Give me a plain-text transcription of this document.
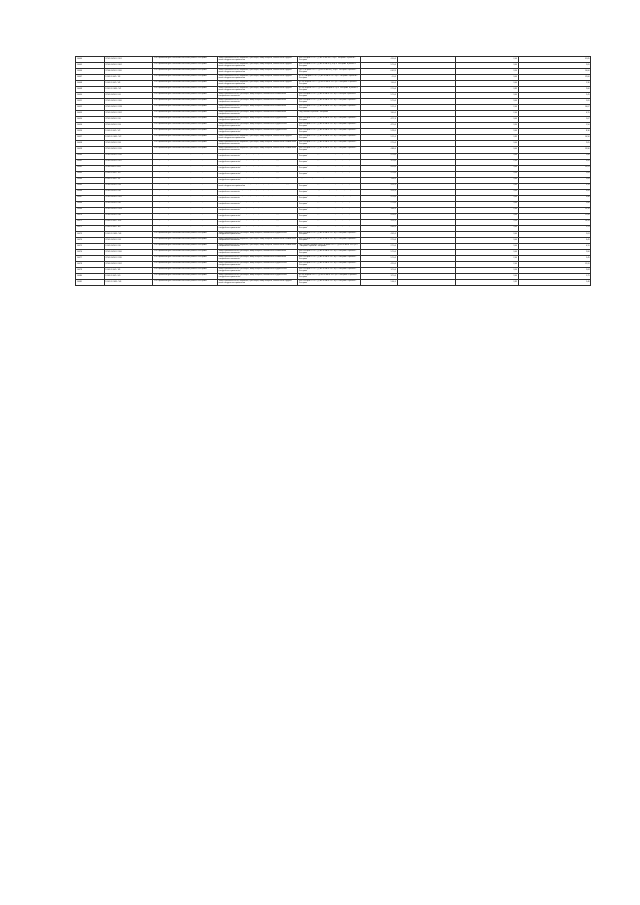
10044	27/02 01/1/01 / 2/01	«Об Управлении для Рязанской/Рязанской и районы г.Кострома»	Замер промышленности, аварийных, транспорта, замер обороны, безопасности и дороги иного спецдельного применения	804 и кб фаза 1 КТП / (1) БЗ 10 кБ ЛКП, к ЦРП "Кострома" и работы г. Кострома	4 50,4		2,00	51,85
10045	27/05 01/1/01 / 3/02	«Об Управлении для Рязанской/Рязанской и районы г.Кострома»	Замер промышленности, аварийных, транспорта, замер обороны, безопасности и дороги иного спецдельного применения	804 и кб фаза 1 КТП / (1) БЗ-10 кВ Ж/1), к ЦРП "Кострома" и работы г. Кострома	5 70,4		3,00	2,65
10046	27/06 01/1/01 / 2/00	«Об Управлении для Рязанской/Рязанской и районы г.Кострома»	Замер промышленности, аварийных, транспорта, замер обороны, безопасности и дороги иного спецдельного применения	ЦРП и кб фаза 1 КТП / (1) БЗ-10 кВ Ж/1), к ЦРП "Росстрой" и работы г. Кострома	0 42,8		3,50	10,60
10047	1/105 01 /0/1 / 2/4	«Об Управлении для Рязанской/Рязанской и районы г.Кострома»	Замер промышленности, аварийных, транспорта, замер обороны, безопасности и дороги иного спецдельного применения	ВО 0,4 кВ фаза 1 КТП / (1) БЗ-10 кВ № 1-0 / ЦРП "Кострома" и работы г. Кострома	4 0,4		3,00	12,60
10048	1/105 01 /0/1 / 5/4	«Об Управлении для Рязанской/Рязанской и районы г.Кострома»	Замер промышленности, аварийных, транспорта, замер обороны, безопасности и дороги иного спецдельного применения	БЗ 0,4 кВ фаза 1 КТП / (1) БЗ-10 кВ № 1-0 / ЦРП "Кострома" и работы г. Кострома	1 00,4		3,40	1,36
10049	1/101 01 /1/01 / 5/1	«Об Управлении для Рязанской/Рязанской и районы г.Кострома»	Замер промышленности, аварийных, транспорта, замер обороны, безопасности и дороги иного спецдельного применения	БЗ 0,4 кВ фаза 1 КТП / (1) БЗ-10 кВ фаза 4 / ЦРП "Кострома" и работы г. Кострома	2 70,4		3,95	2,66
10050	27/02 01/1/01 / 0/1	«Об Управлении для Рязанской/Рязанской и районы г.Кострома»	Замер промышленности, транспорта, замер обороны, безопасности и земли иного специального назначения	804 и кб фаза 1 КТП / (1) БЗ-10 кВ № 1-0 / ЦРП "Росстрой" и работы г. Кострома	5 70,4		3,00	2,45
10051	27/02 01/1/01 / 2/00	«Об Управлении для Рязанской/Рязанской и районы г.Кострома»	Замер промышленности, транспорта, замер обороны, безопасности и земли иного специального назначения	804 и кб фаза 1 КТП / (1) БЗ-10 кВ № 1-0 / ЦРП "Кострома" и работы г. Кострома	5 70,4		3,00	1,65
10052	27/02 01/1/01 / 2/28	«Об Управлении для Рязанской/Рязанской и районы г.Кострома»	Замер промышленности, транспорта, замер обороны, безопасности и земли иного специального назначения	804 и кб фаза 1 КТП / (1) БЗ-10 кВ № 1-0 / ЦРП "Кострома" и работы г. Кострома	5 15,4		2,00	14,67
10053	27/02 01/1/01 / 2/02	«Об Управлении для Рязанской/Рязанской и районы г.Кострома»	Замер промышленности, транспорта, замер обороны, безопасности и земли иного специального назначения	Под «Контек» и работы г. Кострома	3 40,4		2,00	0,15
10054	27/02 01/1/01 / 2/0	«Об Управлении для Рязанской/Рязанской и районы г.Кострома»	Замер промышленности, транспорта, замер обороны, безопасности и дороги иного спецдельного применения	804 и кб фаза 1 КТП / (1) БЗ-10 кВ № 1-0 / ЦРП "Кострома" и работы г. Кострома	4 77,4		3,00	1,67
10056	27/05 01/1/01 / 2/4	«Об Управлении для Рязанской/Рязанской и районы г.Кострома»	Замер промышленности, транспорта, замер обороны, безопасности и дороги иного спецдельного применения	804 и кб фаза 1 КТП / (1) БЗ-10 кВ № 1-0 / ЦРП "Кострома" и работы г. Кострома	4 70,4		3,50	1,50
10056	1/105 01 /0/1 / 5/2	«Об Управлении для Рязанской/Рязанской и районы г.Кострома»	Замер промышленности, транспорта, замер обороны, безопасности и дороги иного спецдельного применения	804 и кб фаза 1 КТП / (1) БЗ-10 кВ № 1-0 / ЦРП "Кострома" и работы г. Кострома	5 28,4		3,40	8,36
10057	1/102 01 /1/01 / 5/2	«Об Управлении для Рязанской/Рязанской и районы г.Кострома»	Замер промышленности, аварийных, транспорта, замер обороны, безопасности и дороги иного спецдельного применения	804 и кб фаза 1 КТП / (1) БЗ-10 кВ № 1-0 / ЦРП "Кострома" и работы г. Кострома	5 15,4		3,95	14,56
10058	27/02 01/1/01 / 3/4	«Об Управлении для Рязанской/Рязанской и районы г.Кострома»	Замер промышленности, аварийных, транспорта, замер обороны, безопасности и земли иного специального назначения	804 и кб фаза 1 КТП / (1) БЗ-10 кВ № 1-0 / ЦРП "Кострома" и работы г. Кострома	2 70,4		3,00	2,65
10059	27/02 01/1/01 / 2/20	«Об Управлении для Рязанской/Рязанской и районы г.Кострома»	Замер промышленности, аварийных, транспорта, замер обороны, безопасности и земли иного специального назначения	804 и кб фаза 1 КТП / (1) БЗ-10 кВ № 1-0 / ЦРП "Кострома" и работы г. Кострома	4 88,4		3,00	13,90
10060	27/02 01/1/01 / 2/20	«Об Управлении для Рязанской/Рязанской и районы г.Кострома»	Замер промышленности, транспорта, замер обороны, безопасности и земли иного специального назначения	804 и кб фаза 1 КТП / (1) БЗ-10 кВ № 1-0 / ЦРП "Кострома" и работы г. Кострома	5 70,4		3,00	2,66
10061	27/02 01/1/01 / 2/07	«Об Управлении для Рязанской/Рязанской и районы г.Кострома»	Замер промышленности, транспорта, замер обороны, безопасности и дороги иного спецдельного применения	804 и кб фаза 1 КТП / (1) БЗ-10 кВ № 1-0 / ЦРП "Кострома" и работы г. Кострома	3 70,4		2,00	3,45
10062	27/05 01/0/1 / 2/02	«Об Управлении для Рязанской/Рязанской и районы г.Кострома»	Замер промышленности, транспорта, замер обороны, безопасности и дороги иного спецдельного применения	804 и кб фаза 1 КТП / (1) БЗ-10 кВ № 1-0 / ЦРП "Кострома" и работы г. Кострома	4 20,4		3,00	15,25
10063	1/105 01 /0/1 / 2/0	«Об Управлении для Рязанской/Рязанской и районы г.Кострома»	Замер промышленности, транспорта, замер обороны, безопасности и дороги иного спецдельного применения	804 и кб фаза 1 КТП / (1) БЗ-10 кВ № 1-0 / ЦРП "Кострома" и работы г. Кострома	5 70,4		3,50	2,69
10064	1/105 01 /0/1 / 2/4	«Об Управлении для Рязанской/Рязанской и районы г.Кострома»	Замер промышленности, транспорта, замер обороны, безопасности и дороги иного спецдельного применения	Под «Контек» и работы г. Кострома	1 08,4		3,40	2,69
10065	27/05 01/1/01 / 5/4	«Об Управлении для Рязанской/Рязанской и районы г.Кострома»	Замер промышленности, аварийных, транспорта, замер обороны, безопасности и дороги иного спецдельного применения	804 и кб фаза 1 КТП / (1) БЗ-10 кВ № 1-0 / ЦРП "Кострома" и работы г. Кострома	5 11,4		3,95	5,35
10066	27/02 01/1/01 / 3/0	«Об Управлении для Рязанской/Рязанской и районы г.Кострома»	Замер промышленности, аварийных, транспорта, замер обороны, безопасности и земли иного специального назначения	БЗ 0,4 кВ фаза 1 КТП / (1) БЗ-10 кВ фаза 4 / ЦРП "Кострома" и работы г. Кострома	5 11,4		3,00	3,45
10067	27/02 01/1/01 / 2/02	«Об Управлении для Рязанской/Рязанской и районы г.Кострома»	Замер промышленности, аварийных, транспорта, замер обороны, безопасности и земли иного специального назначения	БЗ 0,4 кВ фаза 1 КТП / (1) БЗ-10 кВ № 1-0 / ЦРП "Кострома" и работы г. Кострома	5 70,4		3,00	3,46
10068	27/02 01/1/01 / 3/0	«Об Управлении для Рязанской/Рязанской и районы г.Кострома»	Замер промышленности, транспорта, замер обороны, безопасности и земли иного специального назначения	804 и кб фаза 1 КТП / (1) БЗ-10 кВ № 1-0 / ЦРП "Кострома" и работы г. Кострома	2 70,4		3,00	2,66
10069	27/02 01/1/01 / 2/04	«Об Управлении для Рязанской/Рязанской и районы г.Кострома»	Замер промышленности, транспорта, замер обороны, безопасности и земли иного специального назначения	804 и кб фаза 1 КТП / (1) БЗ-10 кВ № 1-0 / ЦРП "Кострома" и работы г. Кострома	3 44,4		2,00	15,10
10070	27/05 01/1/01 / 3/0	«Об Управлении для Рязанской/Рязанской и районы г.Кострома»	Замер промышленности, транспорта, замер обороны, безопасности и дороги иного спецдельного применения	804 и кб фаза 1 КТП / (1) БЗ-10 кВ № 1-0 / ЦРП "Кострома" и работы г. Кострома	4 18,4		3,00	11,00
10071	1/105 01 /0/1 / 2/02	«Об Управлении для Рязанской/Рязанской и районы г.Кострома»	Замер промышленности, транспорта, замер обороны, безопасности и дороги иного спецдельного применения	804 и кб фаза 1 КТП / (1) БЗ-10 кВ № 1-0 / ЦРП "Кострома" и работы г. Кострома	5 11,4		3,50	14,59
10072	1/105 01 /0/1 / 3/0	«Об Управлении для Рязанской/Рязанской и районы г.Кострома»	Замер промышленности, транспорта, замер обороны, безопасности и дороги иного спецдельного применения	804 и кб фаза 1 КТП / (1) БЗ-10 кВ № 1-0 / ЦРП "Кострома" и работы г. Кострома	4 46,4		3,40	2,79
10073	1/101 01 /1/01 / 5/4	«Об Управлении для Рязанской/Рязанской и районы г.Кострома»	Замер промышленности, транспорта, замер обороны, безопасности и дороги иного спецдельного применения	804 и кб фаза 1 КТП / (1) БЗ-10 кВ № 1-0 / ЦРП "Кострома" и работы г. Кострома	4 05,4		3,40	2,63
10074	27/02 01/1/01 / 3/4	«Об Управлении для Рязанской/Рязанской и районы г.Кострома»	Замер промышленности, аварийных, транспорта, замер обороны, безопасности и земли иного специального назначения	804 и кб фаза 1 КТП / (1) БЗ-10 кВ № 1-0 / ЦРП "Кострома" и работы г. Кострома	2 70,4		3,00	3,45
10075	1/102 01/1/01 / 2/0	«Об Управлении для Рязанской/Рязанской и районы г.Кострома»	Замер промышленности, аварийных, транспорта, замер обороны, безопасности и земли иного специального назначения	Под «Контек» вычиска / 804 и кб фаза 1 КТП / (1) БЗ-10 кВ № 1-0 / ЦРП "Кострома" и работы г. Кострома	2 70,4		3,00	0,15
10076	27/02 01/1/01 / 2/00	«Об Управлении для Рязанской/Рязанской и районы г.Кострома»	Замер промышленности, транспорта, замер обороны, безопасности и земли иного специального назначения	804 и кб фаза 1 КТП / (1) БЗ-10 кВ № 1-0 / ЦРП "Кострома" и работы г. Кострома	5 70,4		3,00	2,66
10077	27/02 01/1/01 / 2/20	«Об Управлении для Рязанской/Рязанской и районы г.Кострома»	Замер промышленности, транспорта, замер обороны, безопасности и земли иного специального назначения	804 и кб фаза 1 КТП / (1) БЗ-10 кВ № 1-0 / ЦРП "Кострома" и работы г. Кострома	5 70,4		2,00	2,45
10078	27/05 01/1/01 / 2/02	«Об Управлении для Рязанской/Рязанской и районы г.Кострома»	Замер промышленности, транспорта, замер обороны, безопасности и дороги иного спецдельного применения	804 и кб фаза 1 КТП / (1) БЗ-10 кВ № 1-0 / ЦРП "Кострома" и работы г. Кострома	4 20,4		2,00	12,20
10079	1/105 01 /0/1 / 3/4	«Об Управлении для Рязанской/Рязанской и районы г.Кострома»	Замер промышленности, транспорта, замер обороны, безопасности и дороги иного спецдельного применения	804 и кб фаза 1 КТП / (1) БЗ-10 кВ № 1-0 / ЦРП "Кострома" и работы г. Кострома	3 70,4		3,50	2,69
10080	1/105 01 /0/1 / 0/0	«Об Управлении для Рязанской/Рязанской и районы г.Кострома»	Замер промышленности, транспорта, замер обороны, безопасности и дороги иного спецдельного применения	БЗ 0,4 кВ фаза 1 КТП / (1) БЗ-10 кВ № 1-0 / ЦРП "Кострома" и работы г. Кострома	3 70,4		3,40	1,75
10081	1/101 01 /1/01 / 5/4	«Об Управлении для Рязанской/Рязанской и районы г.Кострома»	Замер промышленности, аварийных, транспорта, замер обороны, безопасности и дороги иного спецдельного применения	804 и кб фаза 1 КТП / (1) БЗ-10 кВ № 1-0 / ЦРП "Кострома" и работы г. Кострома	5 04,4		3,95	1,46
